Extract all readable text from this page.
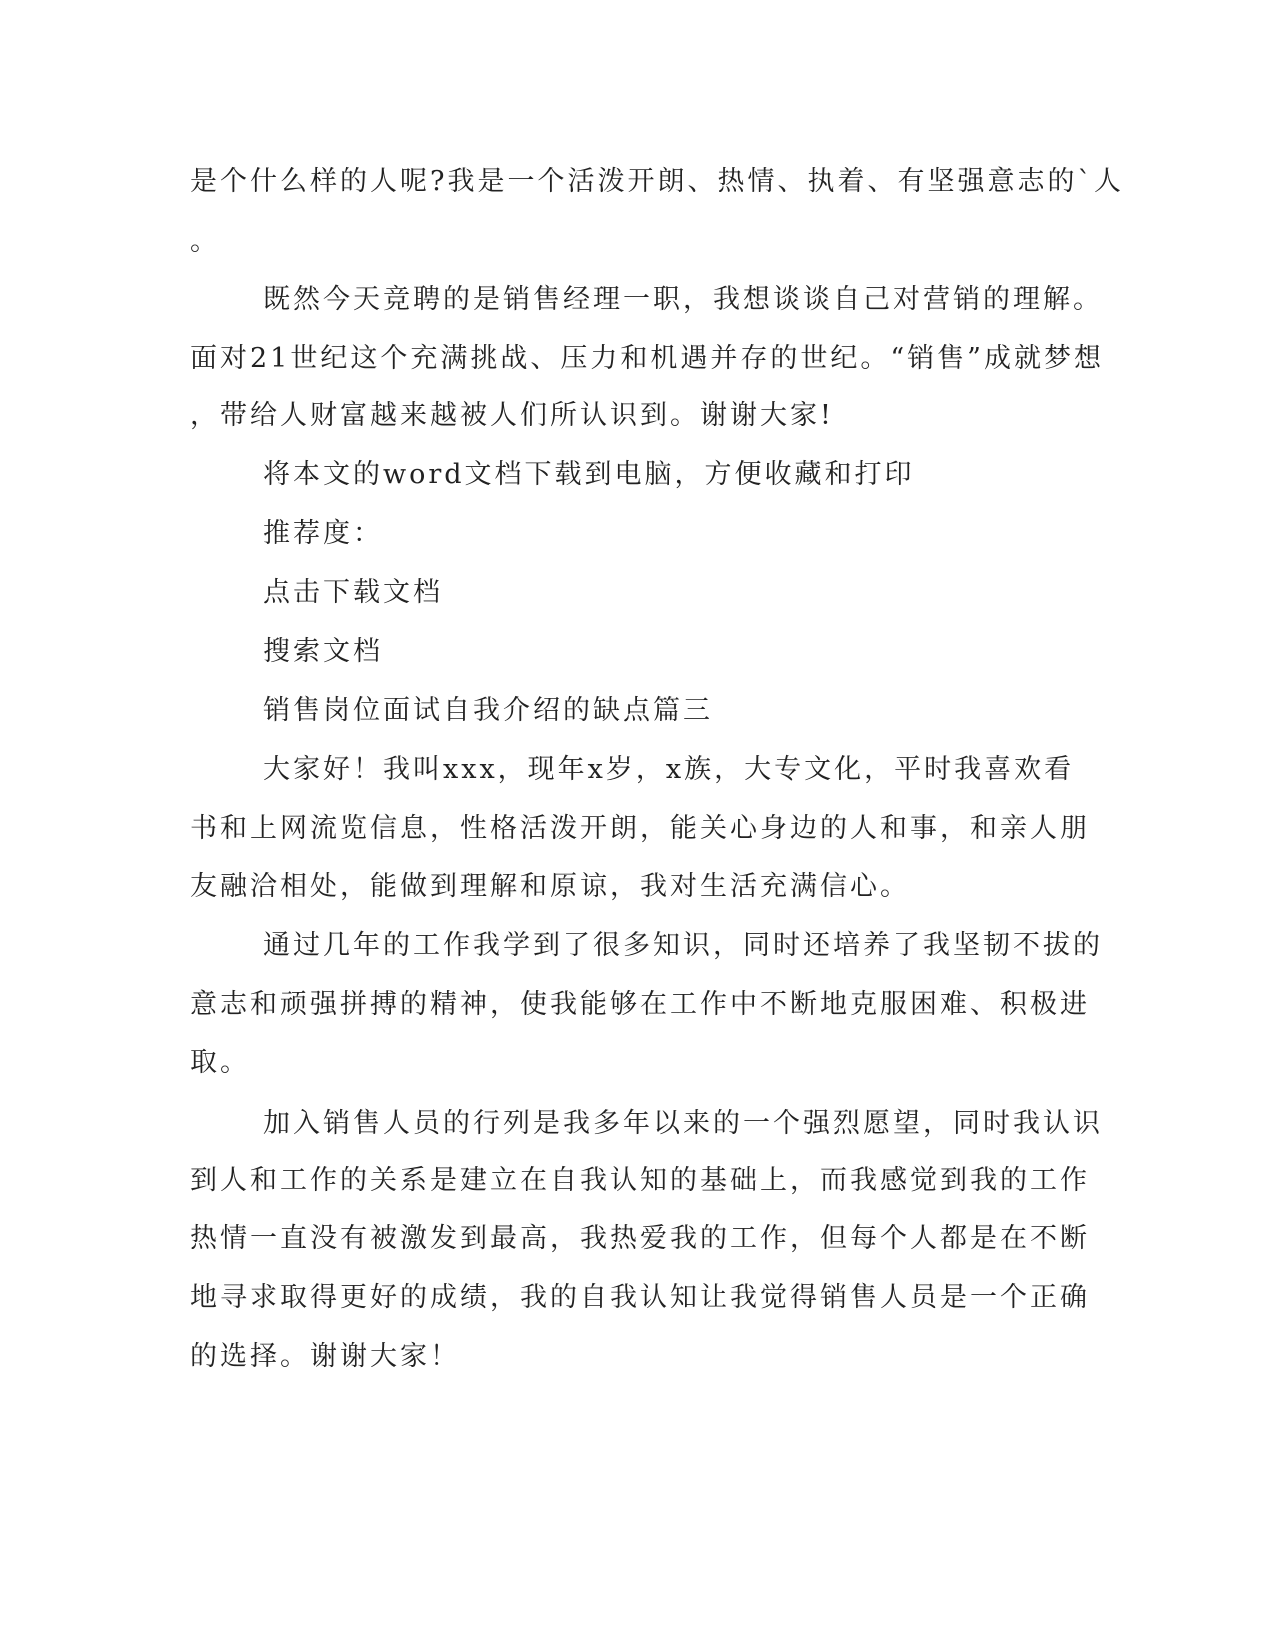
是个什么样的人呢?我是一个活泼开朗、热情、执着、有坚强意志的`人
。
既然今天竞聘的是销售经理一职，我想谈谈自己对营销的理解。
面对21世纪这个充满挑战、压力和机遇并存的世纪。“销售”成就梦想
，带给人财富越来越被人们所认识到。谢谢大家!
将本文的word文档下载到电脑，方便收藏和打印
推荐度：
点击下载文档
搜索文档
销售岗位面试自我介绍的缺点篇三
大家好！我叫xxx，现年x岁，x族，大专文化，平时我喜欢看
书和上网流览信息，性格活泼开朗，能关心身边的人和事，和亲人朋
友融洽相处，能做到理解和原谅，我对生活充满信心。
通过几年的工作我学到了很多知识，同时还培养了我坚韧不拔的
意志和顽强拼搏的精神，使我能够在工作中不断地克服困难、积极进
取。
加入销售人员的行列是我多年以来的一个强烈愿望，同时我认识
到人和工作的关系是建立在自我认知的基础上，而我感觉到我的工作
热情一直没有被激发到最高，我热爱我的工作，但每个人都是在不断
地寻求取得更好的成绩，我的自我认知让我觉得销售人员是一个正确
的选择。谢谢大家！
